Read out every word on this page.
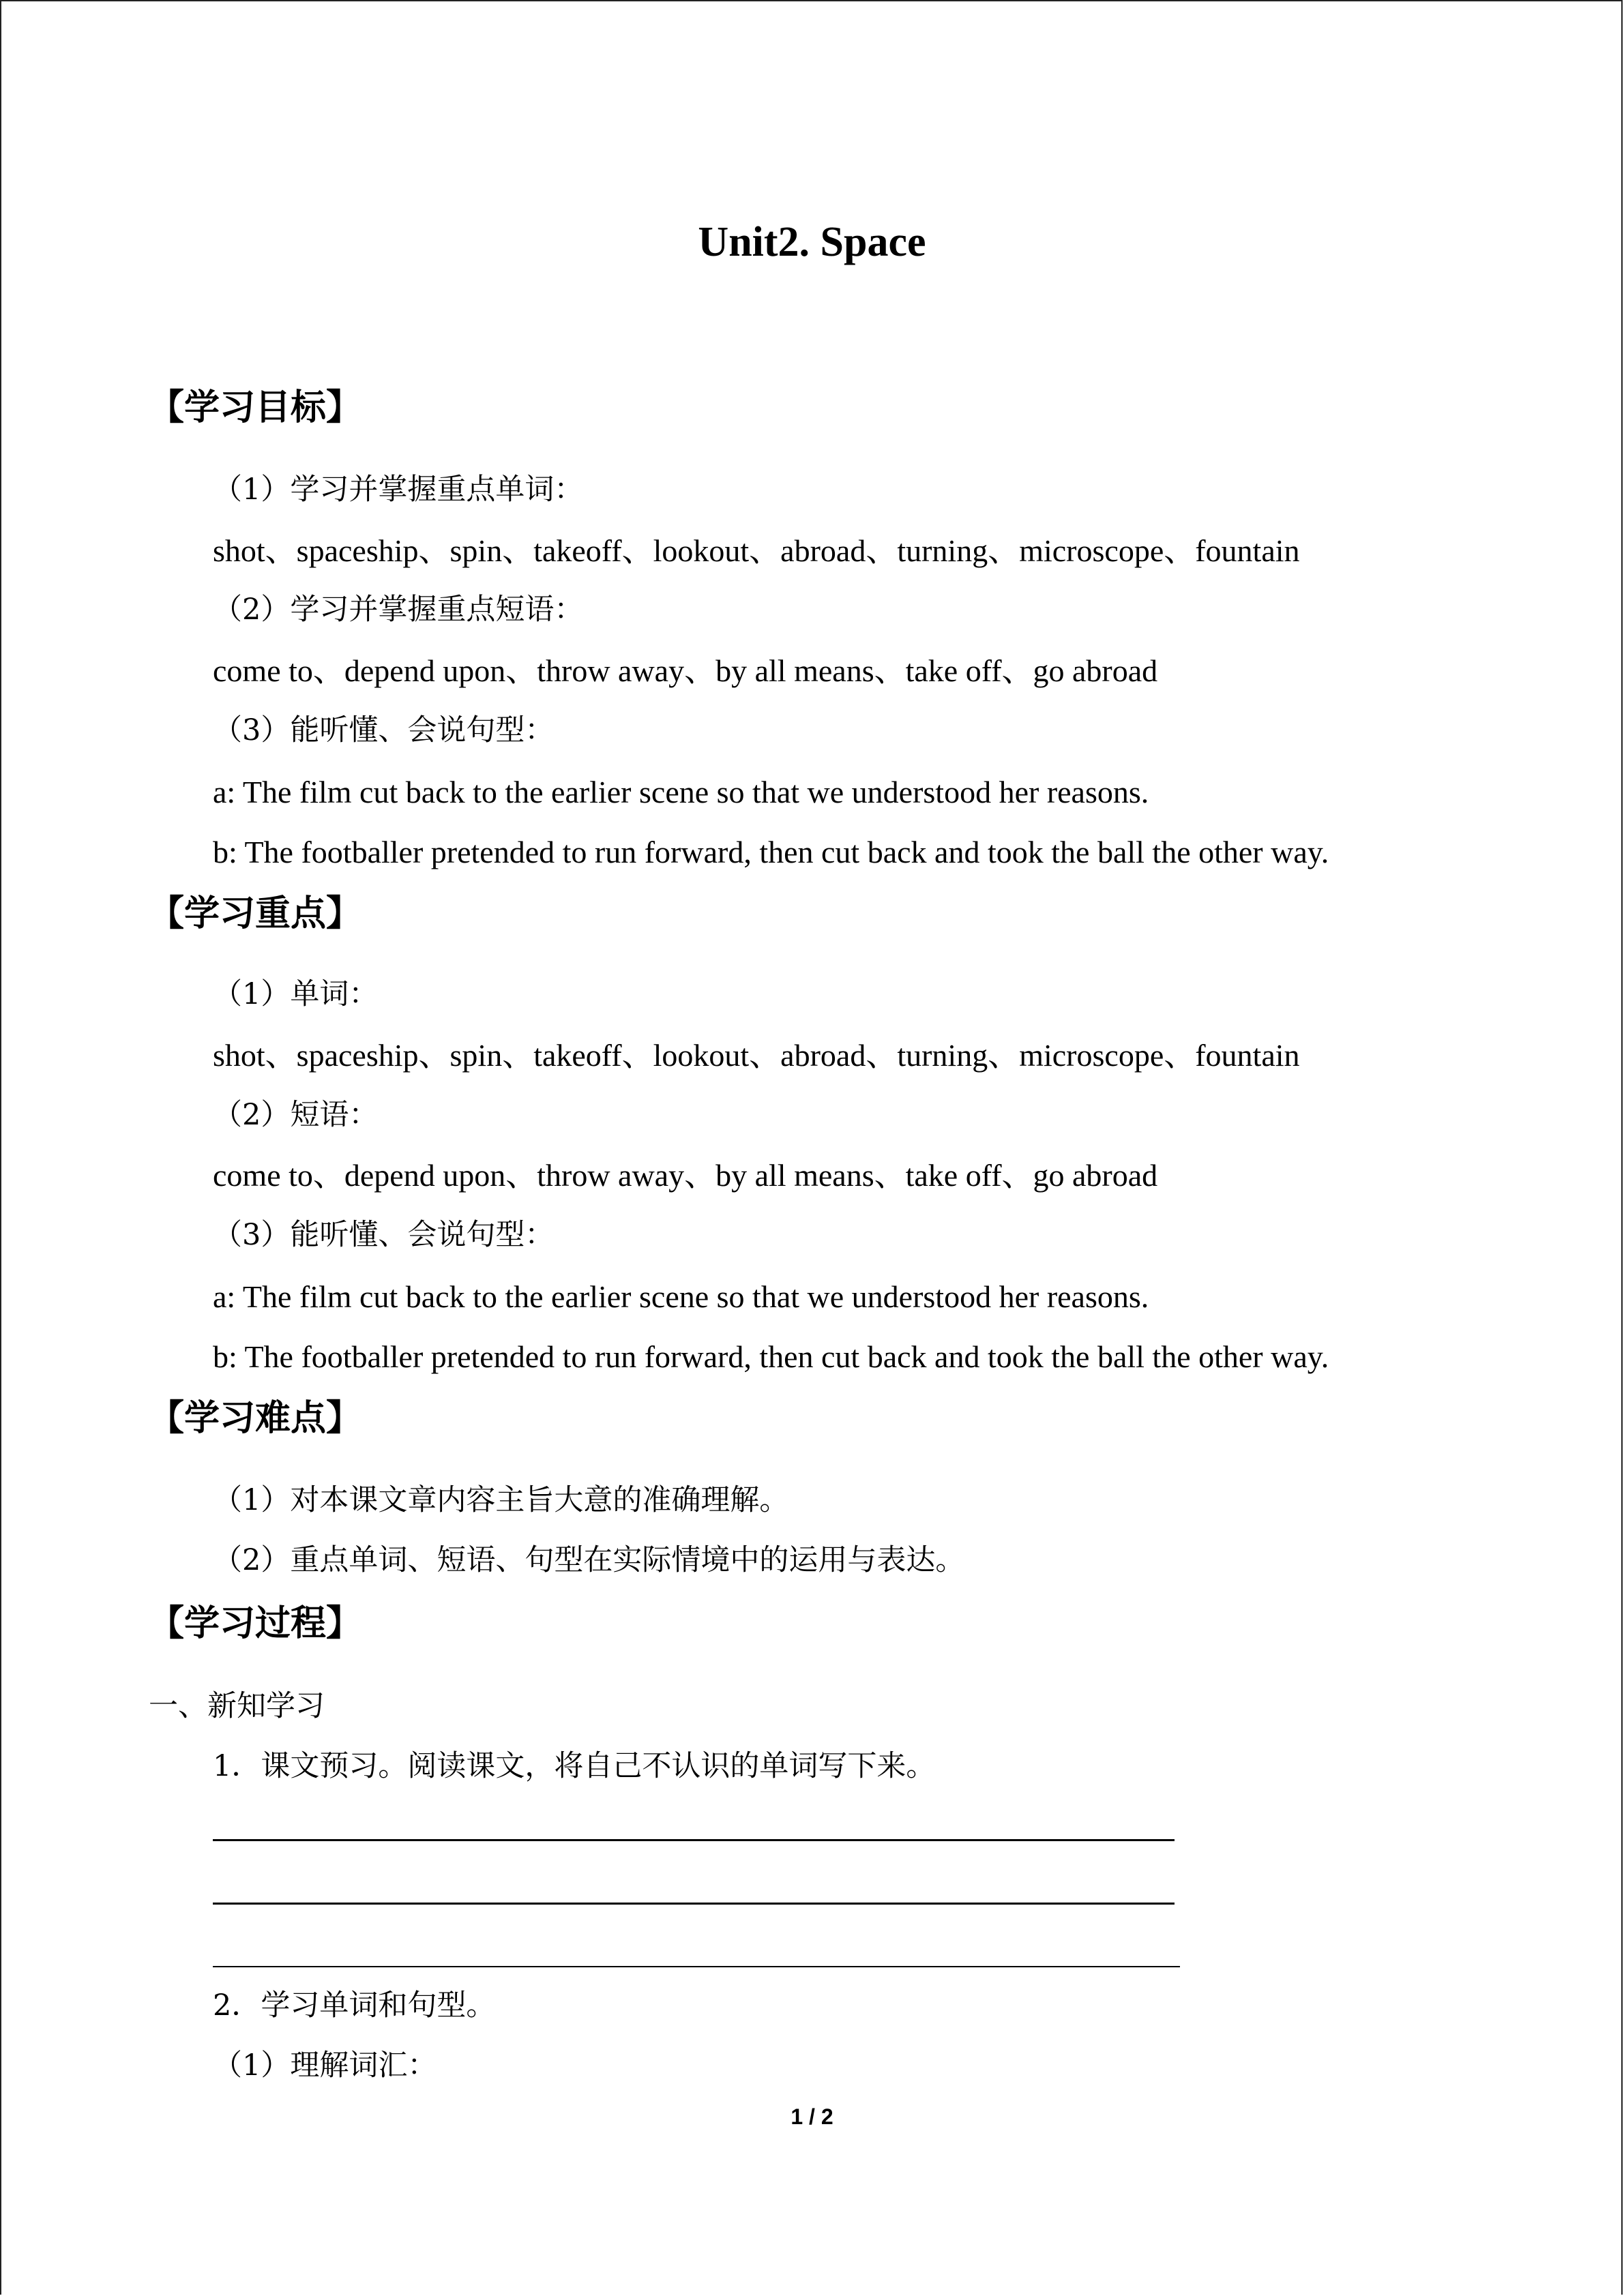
Unit2. Space
【学习目标】
（1）学习并掌握重点单词：
shot、spaceship、spin、takeoff、lookout、abroad、turning、microscope、fountain
（2）学习并掌握重点短语：
come to、depend upon、throw away、by all means、take off、go abroad
（3）能听懂、会说句型：
a: The film cut back to the earlier scene so that we understood her reasons.
b: The footballer pretended to run forward, then cut back and took the ball the other way.
【学习重点】
（1）单词：
shot、spaceship、spin、takeoff、lookout、abroad、turning、microscope、fountain
（2）短语：
come to、depend upon、throw away、by all means、take off、go abroad
（3）能听懂、会说句型：
a: The film cut back to the earlier scene so that we understood her reasons.
b: The footballer pretended to run forward, then cut back and took the ball the other way.
【学习难点】
（1）对本课文章内容主旨大意的准确理解。
（2）重点单词、短语、句型在实际情境中的运用与表达。
【学习过程】
一、新知学习
1．课文预习。阅读课文，将自己不认识的单词写下来。
2．学习单词和句型。
（1）理解词汇：
1 / 2
